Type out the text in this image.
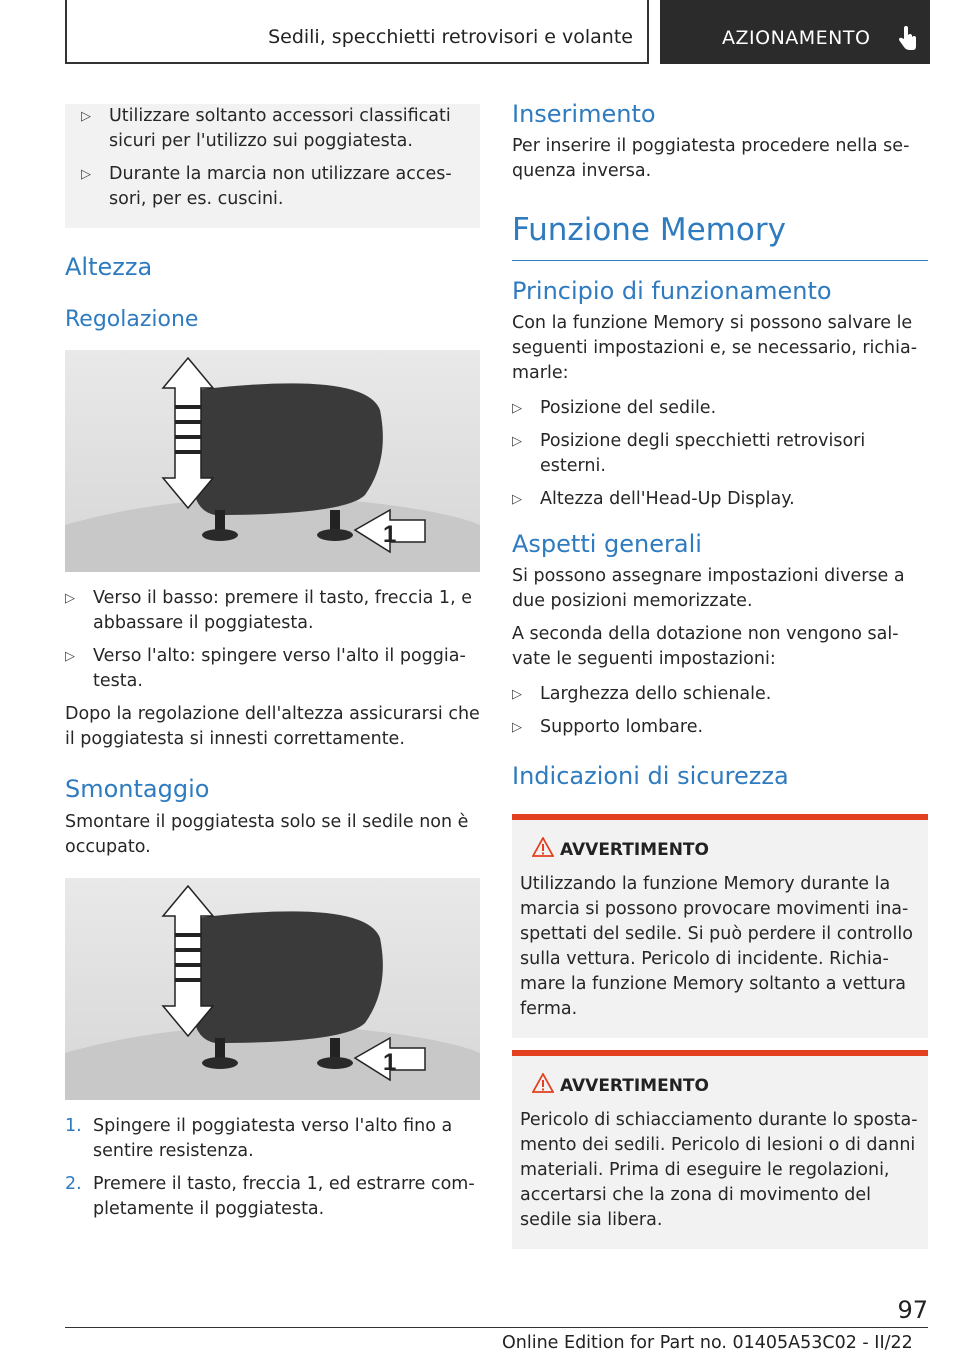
Sedili, specchietti retrovisori e volante	AZIONAMENTO
▷	Utilizzare soltanto accessori classificati sicuri per l'utilizzo sui poggiatesta.
▷	Durante la marcia non utilizzare accessori, per es. cuscini.
Altezza
Regolazione
1
▷	Verso il basso: premere il tasto, freccia 1, e abbassare il poggiatesta.
▷	Verso l'alto: spingere verso l'alto il poggiatesta.

Dopo la regolazione dell'altezza assicurarsi che il poggiatesta si innesti correttamente.

Smontaggio

Smontare il poggiatesta solo se il sedile non è occupato.

1
1. Spingere il poggiatesta verso l'alto fino a sentire resistenza.
2. Premere il tasto, freccia 1, ed estrarre completamente il poggiatesta.
Inserimento

Per inserire il poggiatesta procedere nella sequenza inversa.

Funzione Memory
Principio di funzionamento

Con la funzione Memory si possono salvare le seguenti impostazioni e, se necessario, richiamarle:

▷	Posizione del sedile.
▷	Posizione degli specchietti retrovisori esterni.
▷	Altezza dell'Head-Up Display.
Aspetti generali

Si possono assegnare impostazioni diverse a due posizioni memorizzate.

A seconda della dotazione non vengono salvate le seguenti impostazioni:

▷	Larghezza dello schienale.
▷	Supporto lombare.
Indicazioni di sicurezza
AVVERTIMENTO
Utilizzando la funzione Memory durante la marcia si possono provocare movimenti inaspettati del sedile. Si può perdere il controllo sulla vettura. Pericolo di incidente. Richiamare la funzione Memory soltanto a vettura ferma.
AVVERTIMENTO
Pericolo di schiacciamento durante lo spostamento dei sedili. Pericolo di lesioni o di danni materiali. Prima di eseguire le regolazioni, accertarsi che la zona di movimento del sedile sia libera.
97
Online Edition for Part no. 01405A53C02 - II/22
